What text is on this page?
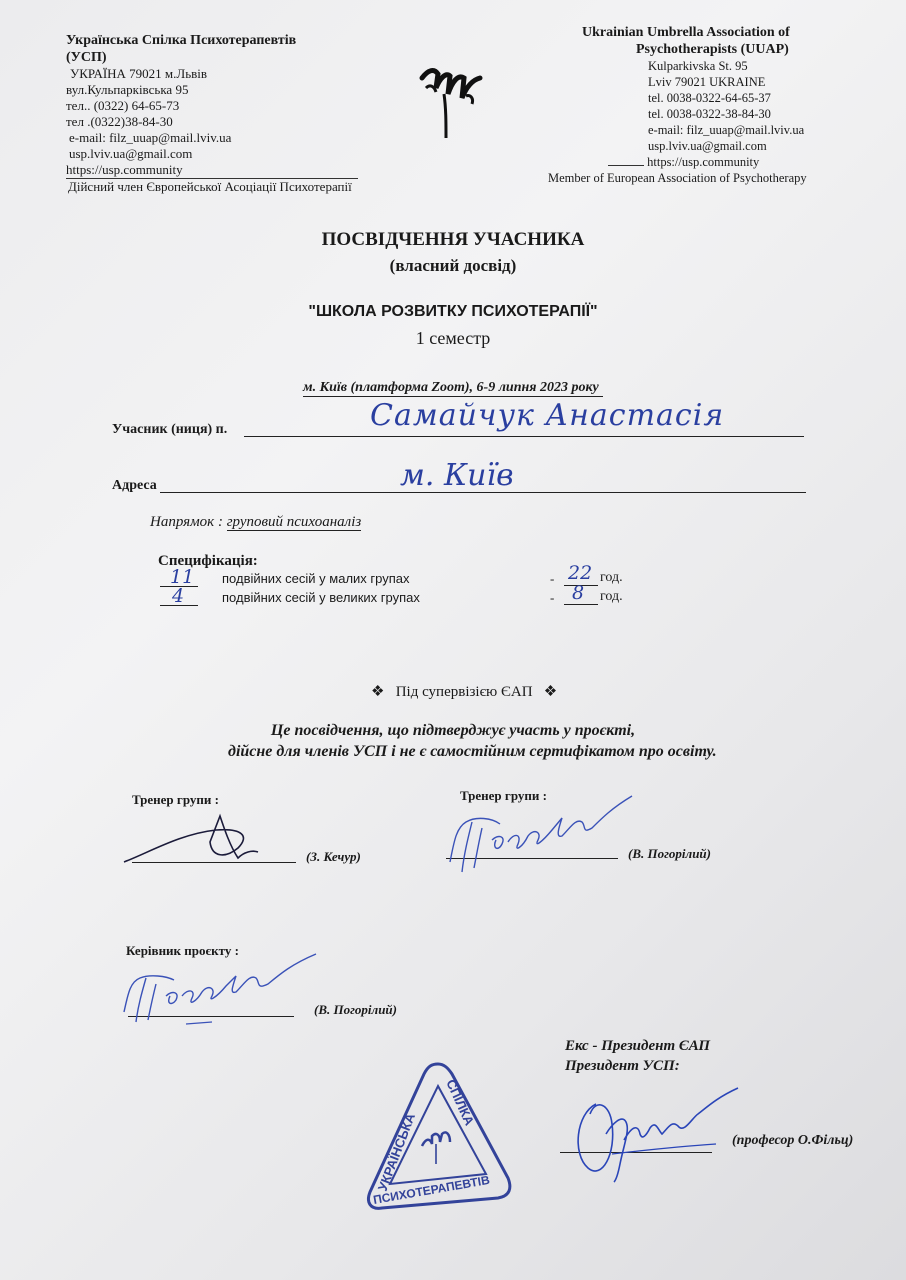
Українська Спілка Психотерапевтів
(УСП)
УКРАЇНА 79021 м.Львів
вул.Кульпарківська 95
тел.. (0322) 64-65-73
тел .(0322)38-84-30
e-mail: filz_uuap@mail.lviv.ua
usp.lviv.ua@gmail.com
https://usp.community
Дійсний член Європейської Асоціації Психотерапії
Ukrainian Umbrella Association of
Psychotherapists (UUAP)
Kulparkivska St. 95
Lviv 79021 UKRAINE
tel. 0038-0322-64-65-37
tel. 0038-0322-38-84-30
e-mail: filz_uuap@mail.lviv.ua
usp.lviv.ua@gmail.com
https://usp.community
Member of European Association of Psychotherapy
ПОСВІДЧЕННЯ УЧАСНИКА
(власний досвід)
"ШКОЛА РОЗВИТКУ ПСИХОТЕРАПІЇ"
1 семестр
м. Київ (платформа Zoom), 6-9 липня 2023 року
Учасник (ниця) п.	Самайчук Анастасія
Адреса	м. Київ
Напрямок : груповий психоаналіз
Специфікація:
11 подвійних сесій у малих групах	- 22 год.
4	подвійних сесій у великих групах	- 8 год.
❖ Під супервізією ЄАП ❖
Це посвідчення, що підтверджує участь у проєкті,
дійсне для членів УСП і не є самостійним сертифікатом про освіту.
Тренер групи :
(З. Кечур)
Тренер групи :
(В. Погорілий)
Керівник проєкту :
(В. Погорілий)
Екс - Президент ЄАП
Президент УСП:
(професор О.Фільц)
УКРАЇНСЬКА
СПІЛКА
ПСИХОТЕРАПЕВТІВ
